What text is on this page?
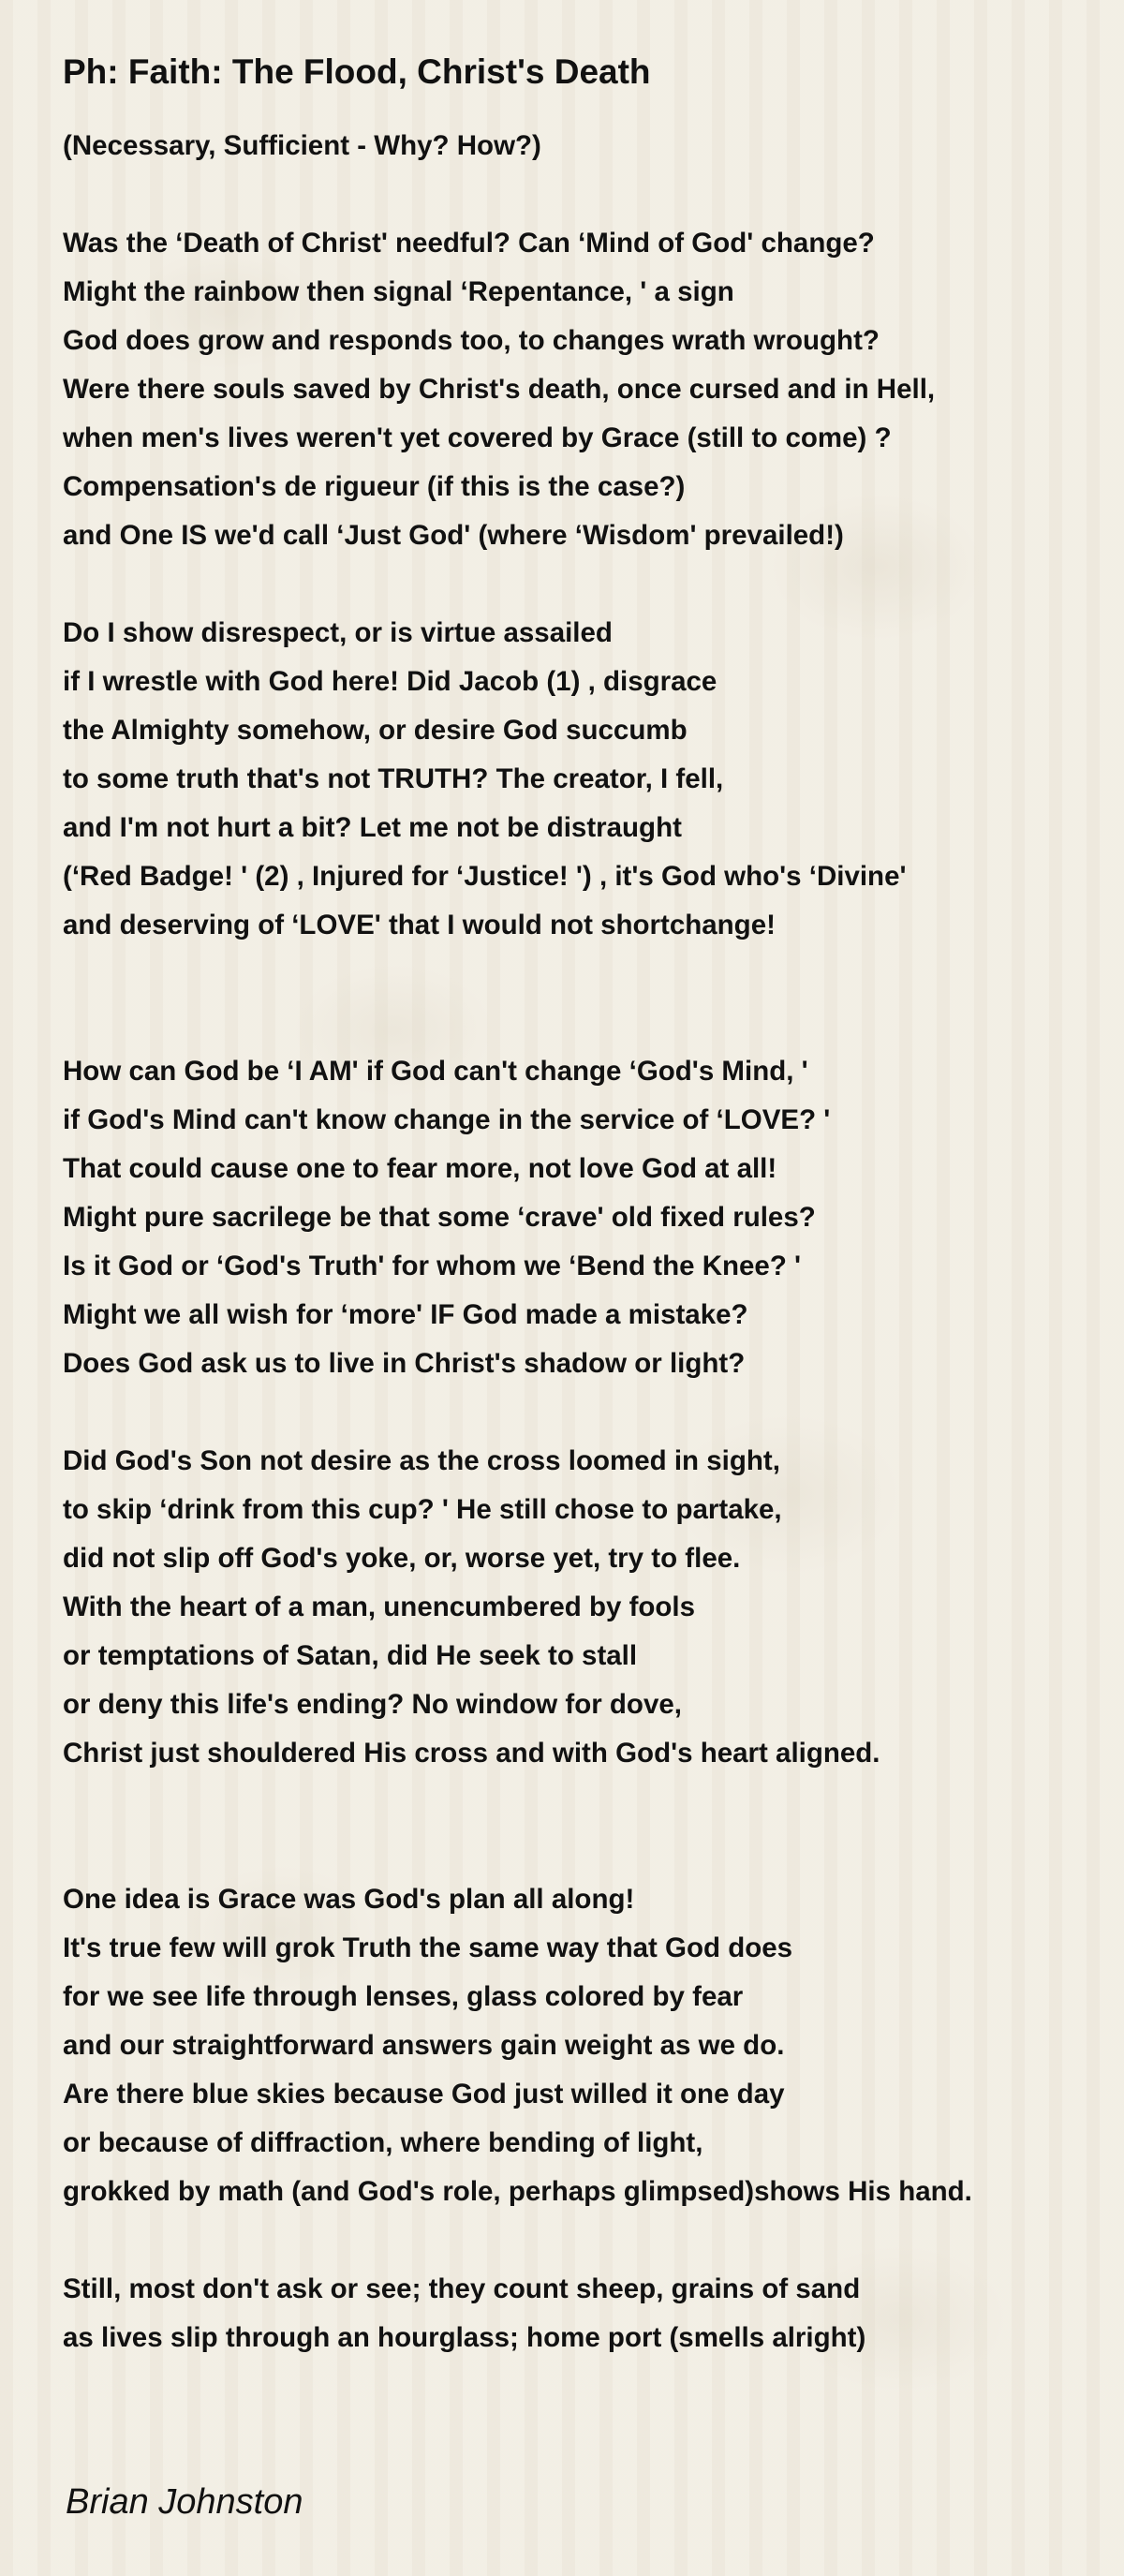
Ph: Faith: The Flood, Christ's Death
(Necessary, Sufficient - Why? How?)
Was the ‘Death of Christ' needful? Can ‘Mind of God' change?
Might the rainbow then signal ‘Repentance, ' a sign
God does grow and responds too, to changes wrath wrought?
Were there souls saved by Christ's death, once cursed and in Hell,
when men's lives weren't yet covered by Grace (still to come) ?
Compensation's de rigueur (if this is the case?)
and One IS we'd call ‘Just God' (where ‘Wisdom' prevailed!)
Do I show disrespect, or is virtue assailed
if I wrestle with God here! Did Jacob (1) , disgrace
the Almighty somehow, or desire God succumb
to some truth that's not TRUTH? The creator, I fell,
and I'm not hurt a bit? Let me not be distraught
(‘Red Badge! ' (2) , Injured for ‘Justice! ') , it's God who's ‘Divine'
and deserving of ‘LOVE' that I would not shortchange!
How can God be ‘I AM' if God can't change ‘God's Mind, '
if God's Mind can't know change in the service of ‘LOVE? '
That could cause one to fear more, not love God at all!
Might pure sacrilege be that some ‘crave' old fixed rules?
Is it God or ‘God's Truth' for whom we ‘Bend the Knee? '
Might we all wish for ‘more' IF God made a mistake?
Does God ask us to live in Christ's shadow or light?
Did God's Son not desire as the cross loomed in sight,
to skip ‘drink from this cup? ' He still chose to partake,
did not slip off God's yoke, or, worse yet, try to flee.
With the heart of a man, unencumbered by fools
or temptations of Satan, did He seek to stall
or deny this life's ending? No window for dove,
Christ just shouldered His cross and with God's heart aligned.
One idea is Grace was God's plan all along!
It's true few will grok Truth the same way that God does
for we see life through lenses, glass colored by fear
and our straightforward answers gain weight as we do.
Are there blue skies because God just willed it one day
or because of diffraction, where bending of light,
grokked by math (and God's role, perhaps glimpsed)shows His hand.
Still, most don't ask or see; they count sheep, grains of sand
as lives slip through an hourglass; home port (smells alright)
Brian Johnston
